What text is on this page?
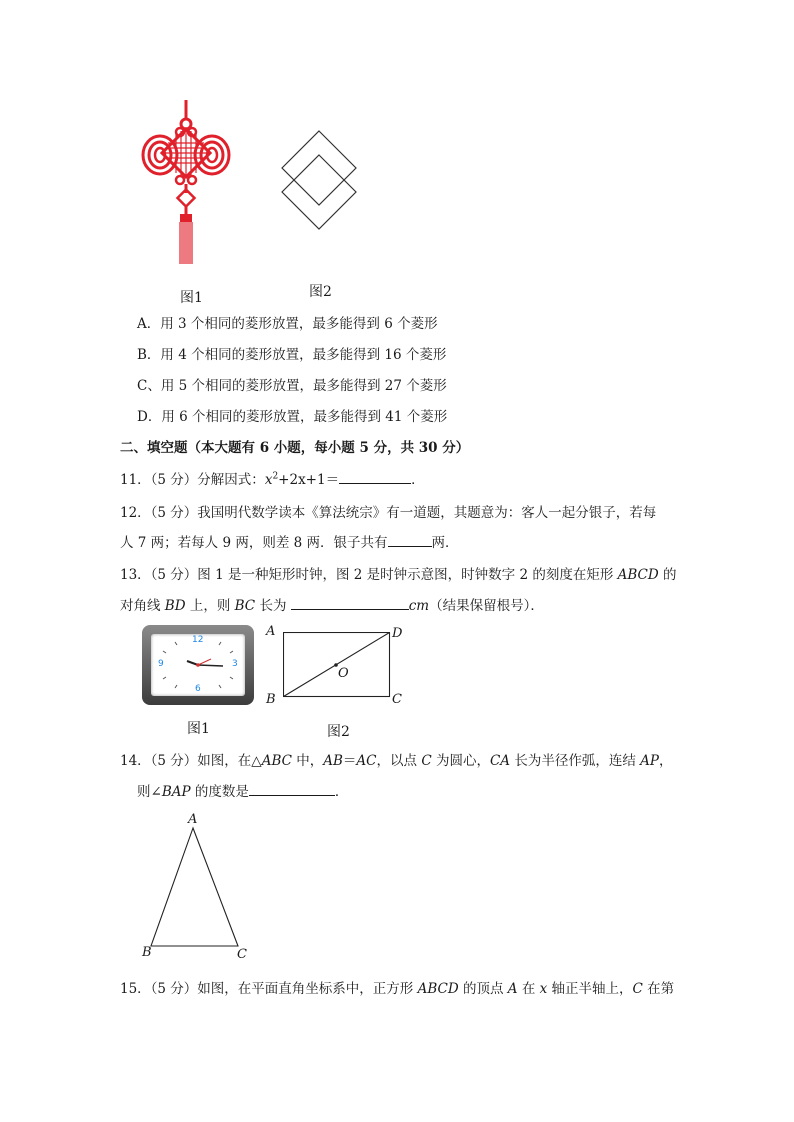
图1	图2
A．用 3 个相同的菱形放置，最多能得到 6 个菱形
B．用 4 个相同的菱形放置，最多能得到 16 个菱形
C、用 5 个相同的菱形放置，最多能得到 27 个菱形
D．用 6 个相同的菱形放置，最多能得到 41 个菱形
二、填空题（本大题有 6 小题，每小题 5 分，共 30 分）
11．（5 分）分解因式：$x^2+2x+1=$	．
12．（5 分）我国明代数学读本《算法统宗》有一道题，其题意为：客人一起分银子，若每
人 7 两；若每人 9 两，则差 8 两．银子共有	两．
13．（5 分）图 1 是一种矩形时钟，图 2 是时钟示意图，时钟数字 2 的刻度在矩形 ABCD 的
对角线 BD 上，则 BC 长为	cm（结果保留根号）．
12
3
6
9
A	D
B	C
O
图1	图2
14．（5 分）如图，在△ABC 中，AB＝AC，以点 C 为圆心，CA 长为半径作弧，连结 AP，
则∠BAP 的度数是	．
A
B	C
15．（5 分）如图，在平面直角坐标系中，正方形 ABCD 的顶点 A 在 x 轴正半轴上，C 在第
